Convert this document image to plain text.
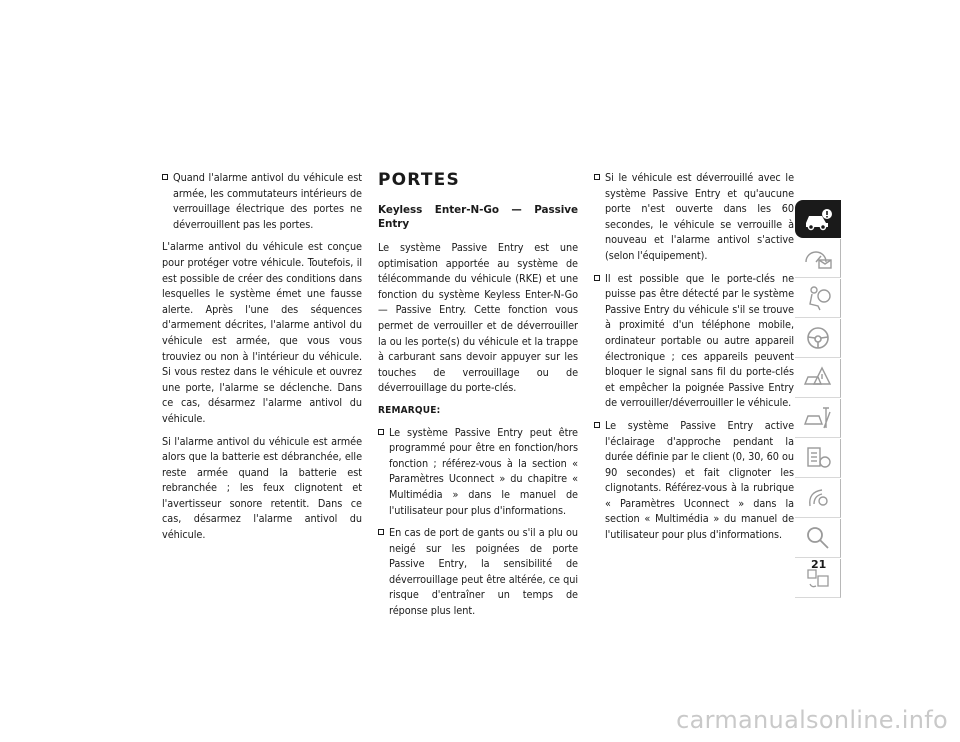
Quand l'alarme antivol du véhicule est armée, les commutateurs intérieurs de verrouillage électrique des portes ne déverrouillent pas les portes.

L'alarme antivol du véhicule est conçue pour protéger votre véhicule. Toutefois, il est possible de créer des conditions dans lesquelles le système émet une fausse alerte. Après l'une des séquences d'armement décrites, l'alarme antivol du véhicule est armée, que vous vous trouviez ou non à l'intérieur du véhicule. Si vous restez dans le véhicule et ouvrez une porte, l'alarme se déclenche. Dans ce cas, désarmez l'alarme antivol du véhicule.

Si l'alarme antivol du véhicule est armée alors que la batterie est débranchée, elle reste armée quand la batterie est rebranchée ; les feux clignotent et l'avertisseur sonore retentit. Dans ce cas, désarmez l'alarme antivol du véhicule.

PORTES
Keyless Enter-N-Go — Passive Entry

Le système Passive Entry est une optimisation apportée au système de télécommande du véhicule (RKE) et une fonction du système Keyless Enter-N-Go — Passive Entry. Cette fonction vous permet de verrouiller et de déverrouiller la ou les porte(s) du véhicule et la trappe à carburant sans devoir appuyer sur les touches de verrouillage ou de déverrouillage du porte-clés.

REMARQUE:
Le système Passive Entry peut être programmé pour être en fonction/hors fonction ; référez-vous à la section « Paramètres Uconnect » du chapitre « Multimédia » dans le manuel de l'utilisateur pour plus d'informations.
En cas de port de gants ou s'il a plu ou neigé sur les poignées de porte Passive Entry, la sensibilité de déverrouillage peut être altérée, ce qui risque d'entraîner un temps de réponse plus lent.
Si le véhicule est déverrouillé avec le système Passive Entry et qu'aucune porte n'est ouverte dans les 60 secondes, le véhicule se verrouille à nouveau et l'alarme antivol s'active (selon l'équipement).
Il est possible que le porte-clés ne puisse pas être détecté par le système Passive Entry du véhicule s'il se trouve à proximité d'un téléphone mobile, ordinateur portable ou autre appareil électronique ; ces appareils peuvent bloquer le signal sans fil du porte-clés et empêcher la poignée Passive Entry de verrouiller/déverrouiller le véhicule.
Le système Passive Entry active l'éclairage d'approche pendant la durée définie par le client (0, 30, 60 ou 90 secondes) et fait clignoter les clignotants. Référez-vous à la rubrique « Paramètres Uconnect » dans la section « Multimédia » du manuel de l'utilisateur pour plus d'informations.
21
carmanualsonline.info
